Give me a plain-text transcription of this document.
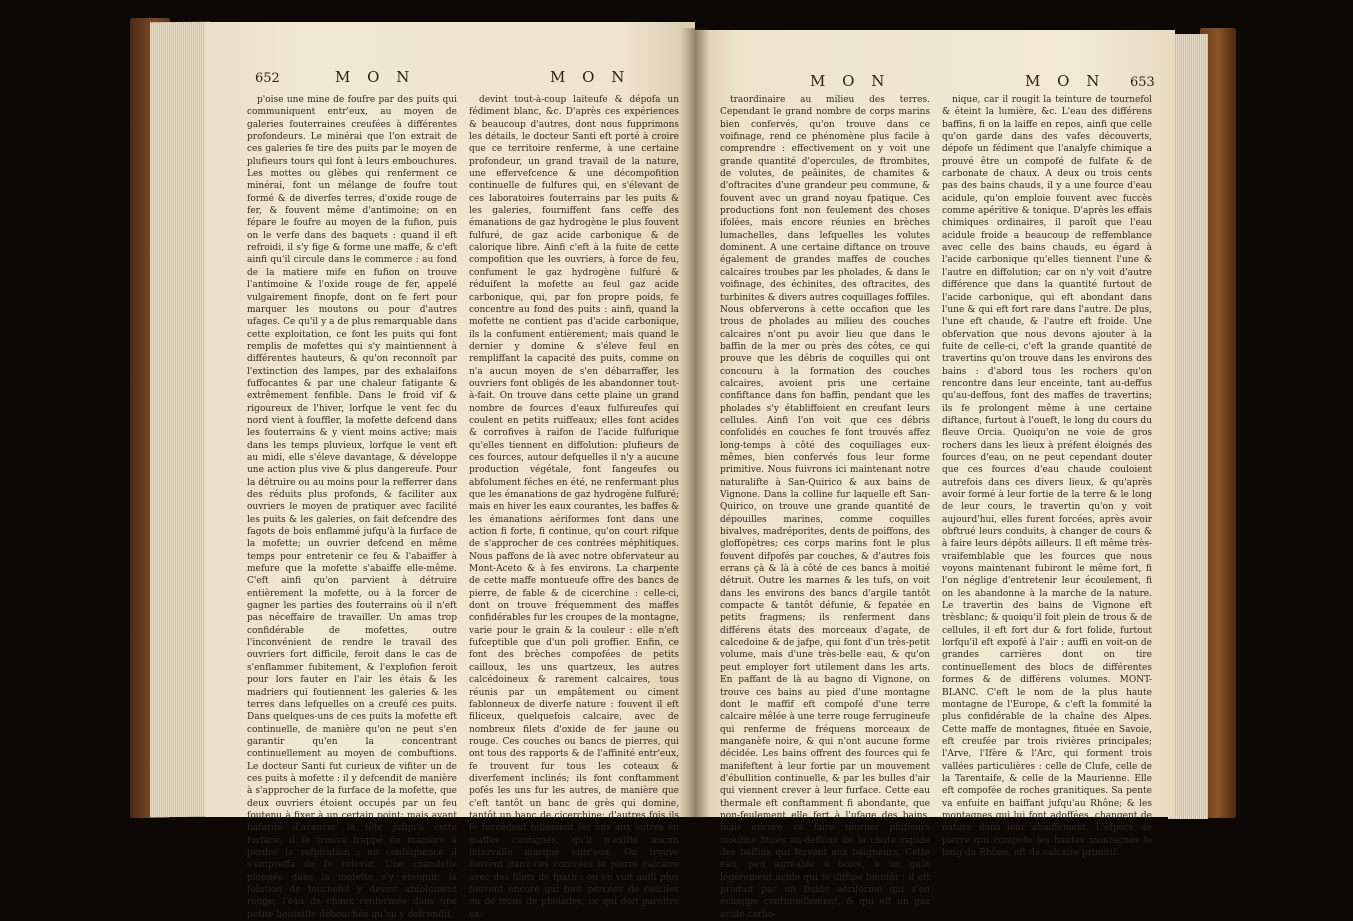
652	M O N	M O N

p'oise une mine de foufre par des puits qui communiquent entr'eux, au moyen de galeries fouterraines creufées à différentes profondeurs. Le minérai que l'on extrait de ces galeries fe tire des puits par le moyen de plufieurs tours qui font à leurs embouchures. Les mottes ou glèbes qui renferment ce minérai, font un mélange de foufre tout formé & de diverfes terres, d'oxide rouge de fer, & fouvent même d'antimoine; on en fépare le foufre au moyen de la fufion, puis on le verfe dans des baquets : quand il eft refroidi, il s'y fige & forme une maffe, & c'eft ainfi qu'il circule dans le commerce : au fond de la matiere mife en fufion on trouve l'antimoine & l'oxide rouge de fer, appelé vulgairement finopfe, dont on fe fert pour marquer les moutons ou pour d'autres ufages. Ce qu'il y a de plus remarquable dans cette exploitation, ce font les puits qui font remplis de mofettes qui s'y maintiennent à différentes hauteurs, & qu'on reconnoît par l'extinction des lampes, par des exhalaifons fuffocantes & par une chaleur fatigante & extrêmement fenfible. Dans le froid vif & rigoureux de l'hiver, lorfque le vent fec du nord vient à fouffler, la mofette defcend dans les fouterrains & y vient moins active; mais dans les temps pluvieux, lorfque le vent eft au midi, elle s'éleve davantage, & développe une action plus vive & plus dangereufe. Pour la détruire ou au moins pour la refferrer dans des réduits plus profonds, & faciliter aux ouvriers le moyen de pratiquer avec facilité les puits & les galeries, on fait defcendre des fagots de bois enflammé jufqu'à la furface de la mofette; un ouvrier defcend en même temps pour entretenir ce feu & l'abaiffer à mefure que la mofette s'abaiffe elle-même. C'eft ainfi qu'on parvient à détruire entièrement la mofette, ou à la forcer de gagner les parties des fouterrains où il n'eft pas néceffaire de travailler. Un amas trop confidérable de mofettes, outre l'inconvénient de rendre le travail des ouvriers fort difficile, feroit dans le cas de s'enflammer fubitement, & l'explofion feroit pour lors fauter en l'air les étais & les madriers qui foutiennent les galeries & les terres dans lefquelles on a creufé ces puits. Dans quelques-uns de ces puits la mofette eft continuelle, de manière qu'on ne peut s'en garantir qu'en la concentrant continuellement au moyen de combuftions. Le docteur Santi fut curieux de vifiter un de ces puits à mofette : il y defcendit de manière à s'approcher de la furface de la mofette, que deux ouvriers étoient occupés par un feu foutenu à fixer à un certain point; mais ayant hafardé d'avancer la tête jufqu'à cette furface, il fe trouva frappé de manière à perdre la refpiration : en conféquence il s'empreffa de fe relever. Une chandelle plongée dans la mofette s'y éteignit; la folution de tournefol y devint abfolument rouge; l'eau de chaux renfermée dans une petite bouteille débouchée qu'on y defcendit,

devint tout-à-coup laiteufe & dépofa un fédiment blanc, &c. D'après ces expériences & beaucoup d'autres, dont nous fupprimons les détails, le docteur Santi eft porté à croire que ce territoire renferme, à une certaine profondeur, un grand travail de la nature, une effervefcence & une décompofition continuelle de fulfures qui, en s'élevant de ces laboratoires fouterrains par les puits & les galeries, fourniffent fans ceffe des émanations de gaz hydrogène le plus fouvent fulfuré, de gaz acide carbonique & de calorique libre. Ainfi c'eft à la fuite de cette compofition que les ouvriers, à force de feu, confument le gaz hydrogène fulfuré & réduifent la mofette au feul gaz acide carbonique, qui, par fon propre poids, fe concentre au fond des puits : ainfi, quand la mofette ne contient pas d'acide carbonique, ils la confument entièrement; mais quand le dernier y domine & s'éleve feul en rempliffant la capacité des puits, comme on n'a aucun moyen de s'en débarraffer, les ouvriers font obligés de les abandonner tout-à-fait. On trouve dans cette plaine un grand nombre de fources d'eaux fulfureufes qui coulent en petits ruiffeaux; elles font acides & corrofives à raifon de l'acide fulfurique qu'elles tiennent en diffolution: plufieurs de ces fources, autour defquelles il n'y a aucune production végétale, font fangeufes ou abfolument féches en été, ne renfermant plus que les émanations de gaz hydrogène fulfuré; mais en hiver les eaux courantes, les baffes & les émanations aériformes font dans une action fi forte, fi continue, qu'on court rifque de s'approcher de ces contrées méphitiques. Nous paffons de là avec notre obfervateur au Mont-Aceto & à fes environs. La charpente de cette maffe montueufe offre des bancs de pierre, de fable & de cicerchine : celle-ci, dont on trouve fréquemment des maffes confidérables fur les croupes de la montagne, varie pour le grain & la couleur : elle n'eft fufceptible que d'un poli groffier. Enfin, ce font des brèches compofées de petits cailloux, les uns quartzeux, les autres calcédoineux & rarement calcaires, tous réunis par un empâtement ou ciment fablonneux de diverfe nature : fouvent il eft filiceux, quelquefois calcaire, avec de nombreux filets d'oxide de fer jaune ou rouge. Ces couches ou bancs de pierres, qui ont tous des rapports & de l'affinité entr'eux, fe trouvent fur tous les coteaux & diverfement inclinés; ils font conftamment pofés les uns fur les autres, de manière que c'eft tantôt un banc de grès qui domine, tantôt un banc de cicerchine; d'autres fois ils fe fuccèdent tellement les uns aux autres en maffes contiguës, qu'il n'exifte aucun intervalle marqué entr'eux. On trouve fouvent dans ces contrées la pierre calcaire avec des filets de fpath : on en voit aufli plus fouvent encore qui font percées de cellules ou de trous de pholades, ce qui doit paroître ex-

M O N	M O N 653

traordinaire au milieu des terres. Cependant le grand nombre de corps marins bien confervés, qu'on trouve dans ce voifinage, rend ce phénomène plus facile à comprendre : effectivement on y voit une grande quantité d'opercules, de ftrombites, de volutes, de peâinites, de chamites & d'oftracites d'une grandeur peu commune, & fouvent avec un grand noyau fpatique. Ces productions font non feulement des choses ifolées, mais encore réunies en brèches lumachelles, dans lefquelles les volutes dominent. A une certaine diftance on trouve également de grandes maffes de couches calcaires troubes par les pholades, & dans le voifinage, des échinites, des oftracites, des turbinites & divers autres coquillages foffiles. Nous obferverons à cette occafion que les trous de pholades au milieu des couches calcaires n'ont pu avoir lieu que dans le baffin de la mer ou près des côtes, ce qui prouve que les débris de coquilles qui ont concouru à la formation des couches calcaires, avoient pris une certaine confiftance dans fon baffin, pendant que les pholades s'y établiffoient en creufant leurs cellules. Ainfi l'on voit que ces débris confolidés en couches fe font trouvés affez long-temps à côté des coquillages eux-mêmes, bien confervés fous leur forme primitive. Nous fuivrons ici maintenant notre naturalifte à San-Quirico & aux bains de Vignone. Dans la colline fur laquelle eft San-Quirico, on trouve une grande quantité de dépouilles marines, comme coquilles bivalves, madréporites, dents de poiffons, des gloffopètres; ces corps marins font le plus fouvent difpofés par couches, & d'autres fois errans çà & là à côté de ces bancs à moitié détruit. Outre les marnes & les tufs, on voit dans les environs des bancs d'argile tantôt compacte & tantôt défunie, & fepatée en petits fragmens; ils renferment dans différens états des morceaux d'agate, de calcedoine & de jafpe, qui font d'un très-petit volume, mais d'une très-belle eau, & qu'on peut employer fort utilement dans les arts. En paffant de là au bagno di Vignone, on trouve ces bains au pied d'une montagne dont le maffif eft compofé d'une terre calcaire mêlée à une terre rouge ferrugineufe qui renferme de fréquens morceaux de manganèfe noire, & qui n'ont aucune forme décidée. Les bains offrent des fources qui fe manifeftent à leur fortie par un mouvement d'ébullition continuelle, & par les bulles d'air qui viennent crever à leur furface. Cette eau thermale eft conftamment fi abondante, que non-feulement elle fert à l'ufage des bains, mais encore va faire tourner plufieurs moulins fitués au-deffous de la chute rapide des baffins qui fervent aux baigneurs. Cette eau, peu agréable à boire, a un goût légèrement acide qui fe diffipe bientôt : il eft produit par un fluide aériforme qui s'en échappe continuellement, & qui eft un gaz acide carbo-

nique, car il rougit la teinture de tournefol & éteint la lumière, &c. L'eau des différens baffins, fi on la laiffe en repos, ainfi que celle qu'on garde dans des vafes découverts, dépofe un fédiment que l'analyfe chimique a prouvé être un compofé de fulfate & de carbonate de chaux. A deux ou trois cents pas des bains chauds, il y a une fource d'eau acidule, qu'on emploie fouvent avec fuccès comme apéritive & tonique. D'après les effais chimiques ordinaires, il paroît que l'eau acidule froide a beaucoup de reffemblance avec celle des bains chauds, eu égard à l'acide carbonique qu'elles tiennent l'une & l'autre en diffolution; car on n'y voit d'autre différence que dans la quantité furtout de l'acide carbonique, qui eft abondant dans l'une & qui eft fort rare dans l'autre. De plus, l'une eft chaude, & l'autre eft froide. Une obfervation que nous devons ajouter à la fuite de celle-ci, c'eft la grande quantité de travertins qu'on trouve dans les environs des bains : d'abord tous les rochers qu'on rencontre dans leur enceinte, tant au-deffus qu'au-deffous, font des maffes de travertins; ils fe prolongent même à une certaine diftance, furtout à l'oueft, le long du cours du fleuve Orcia. Quoiqu'on ne voie de gros rochers dans les lieux à préfent éloignés des fources d'eau, on ne peut cependant douter que ces fources d'eau chaude couloient autrefois dans ces divers lieux, & qu'après avoir formé à leur fortie de la terre & le long de leur cours, le travertin qu'on y voit aujourd'hui, elles furent forcées, après avoir obftrué leurs conduits, à changer de cours & à faire leurs dépôts ailleurs. Il eft même très-vraifemblable que les fources que nous voyons maintenant fubiront le même fort, fi l'on néglige d'entretenir leur écoulement, fi on les abandonne à la marche de la nature. Le travertin des bains de Vignone eft trèsblanc; & quoiqu'il foit plein de trous & de cellules, il eft fort dur & fort folide, furtout lorfqu'il eft expofé à l'air : auffi en voit-on de grandes carrières dont on tire continuellement des blocs de différentes formes & de différens volumes. MONT-BLANC. C'eft le nom de la plus haute montagne de l'Europe, & c'eft la fommité la plus confidérable de la chaîne des Alpes. Cette maffe de montagnes, fituée en Savoie, eft creufée par trois rivières principales; l'Arve, l'Ifère & l'Arc, qui forment trois vallées particulières : celle de Clufe, celle de la Tarentaife, & celle de la Maurienne. Elle eft compofée de roches granitiques. Sa pente va enfuite en baiffant jufqu'au Rhône; & les montagnes qui lui font adoffées, changent de nature dans leur abaiffement. L'efpèce de pierre qui compofe les hautes montagnes le long du Rhône, eft de calcaire primitif.
